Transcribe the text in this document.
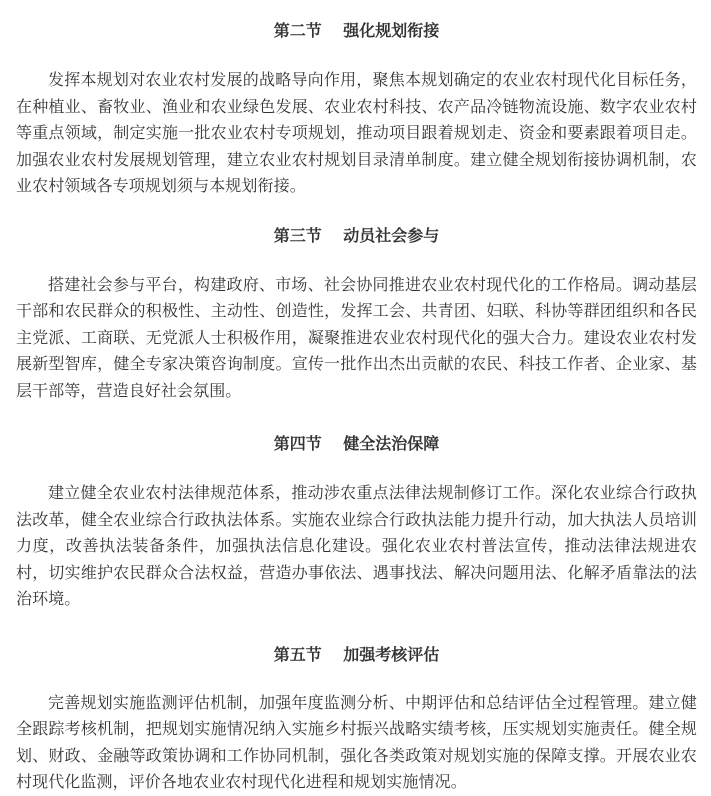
第二节　 强化规划衔接

发挥本规划对农业农村发展的战略导向作用，聚焦本规划确定的农业农村现代化目标任务，在种植业、畜牧业、渔业和农业绿色发展、农业农村科技、农产品冷链物流设施、数字农业农村等重点领域，制定实施一批农业农村专项规划，推动项目跟着规划走、资金和要素跟着项目走。加强农业农村发展规划管理，建立农业农村规划目录清单制度。建立健全规划衔接协调机制，农业农村领域各专项规划须与本规划衔接。

第三节　 动员社会参与

搭建社会参与平台，构建政府、市场、社会协同推进农业农村现代化的工作格局。调动基层干部和农民群众的积极性、主动性、创造性，发挥工会、共青团、妇联、科协等群团组织和各民主党派、工商联、无党派人士积极作用，凝聚推进农业农村现代化的强大合力。建设农业农村发展新型智库，健全专家决策咨询制度。宣传一批作出杰出贡献的农民、科技工作者、企业家、基层干部等，营造良好社会氛围。

第四节　 健全法治保障

建立健全农业农村法律规范体系，推动涉农重点法律法规制修订工作。深化农业综合行政执法改革，健全农业综合行政执法体系。实施农业综合行政执法能力提升行动，加大执法人员培训力度，改善执法装备条件，加强执法信息化建设。强化农业农村普法宣传，推动法律法规进农村，切实维护农民群众合法权益，营造办事依法、遇事找法、解决问题用法、化解矛盾靠法的法治环境。

第五节　 加强考核评估

完善规划实施监测评估机制，加强年度监测分析、中期评估和总结评估全过程管理。建立健全跟踪考核机制，把规划实施情况纳入实施乡村振兴战略实绩考核，压实规划实施责任。健全规划、财政、金融等政策协调和工作协同机制，强化各类政策对规划实施的保障支撑。开展农业农村现代化监测，评价各地农业农村现代化进程和规划实施情况。
